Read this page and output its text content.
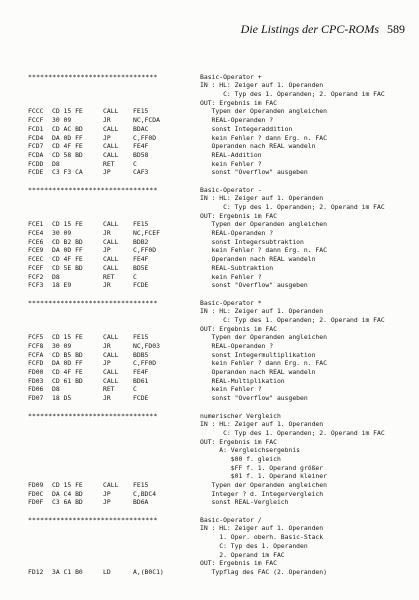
Die Listings der CPC-ROMs 589
********************************	Basic-Operator +
IN : HL: Zeiger auf 1. Operanden
C: Typ des 1. Operanden; 2. Operand im FAC
OUT: Ergebnis im FAC
FCCC CD 15 FE	CALL FE15	Typen der Operanden angleichen
FCCF 30 09	JR	NC,FCDA	REAL-Operanden ?
FCD1 CD AC BD	CALL BDAC	sonst Integeraddition
FCD4 DA 0D FF	JP	C,FF0D	kein Fehler ? dann Erg. n. FAC
FCD7 CD 4F FE	CALL FE4F	Operanden nach REAL wandeln
FCDA CD 58 BD	CALL BD58	REAL-Addition
FCDD D8	RET	C	kein Fehler ?
FCDE C3 F3 CA	JP	CAF3	sonst "Overflow" ausgeben
********************************	Basic-Operator -
IN : HL: Zeiger auf 1. Operanden
C: Typ des 1. Operanden; 2. Operand im FAC
OUT: Ergebnis im FAC
FCE1 CD 15 FE	CALL FE15	Typen der Operanden angleichen
FCE4 30 09	JR	NC,FCEF	REAL-Operanden ?
FCE6 CD B2 BD	CALL BDB2	sonst Integersubtraktion
FCE9 DA 0D FF	JP	C,FF0D	kein Fehler ? dann Erg. n. FAC
FCEC CD 4F FE	CALL FE4F	Operanden nach REAL wandeln
FCEF CD 5E BD	CALL BD5E	REAL-Subtraktion
FCF2 D8	RET	C	kein Fehler ?
FCF3 18 E9	JR	FCDE	sonst "Overflow" ausgeben
********************************	Basic-Operator *
IN : HL: Zeiger auf 1. Operanden
C: Typ des 1. Operanden; 2. Operand im FAC
OUT: Ergebnis im FAC
FCF5 CD 15 FE	CALL FE15	Typen der Operanden angleichen
FCF8 30 09	JR	NC,FD03	REAL-Operanden ?
FCFA CD B5 BD	CALL BDB5	sonst Integermultiplikation
FCFD DA 0D FF	JP	C,FF0D	kein Fehler ? dann Erg. n. FAC
FD00 CD 4F FE	CALL FE4F	Operanden nach REAL wandeln
FD03 CD 61 BD	CALL BD61	REAL-Multiplikation
FD06 D8	RET	C	kein Fehler ?
FD07 18 D5	JR	FCDE	sonst "Overflow" ausgeben
********************************	numerischer Vergleich
IN : HL: Zeiger auf 1. Operanden
C: Typ des 1. Operanden; 2. Operand im FAC
OUT: Ergebnis im FAC
A: Vergleichsergebnis
$00 f. gleich
$FF f. 1. Operand größer
$01 f. 1. Operand kleiner
FD09 CD 15 FE	CALL FE15	Typen der Operanden angleichen
FD0C DA C4 BD	JP	C,BDC4	Integer ? d. Integervergleich
FD0F C3 6A BD	JP	BD6A	sonst REAL-Vergleich
********************************	Basic-Operator /
IN : HL: Zeiger auf 1. Operanden
1. Oper. oberh. Basic-Stack
C: Typ des 1. Operanden
2. Operand im FAC
OUT: Ergebnis im FAC
FD12 3A C1 B0	LD	A,(B0C1)	Typflag des FAC (2. Operanden)
